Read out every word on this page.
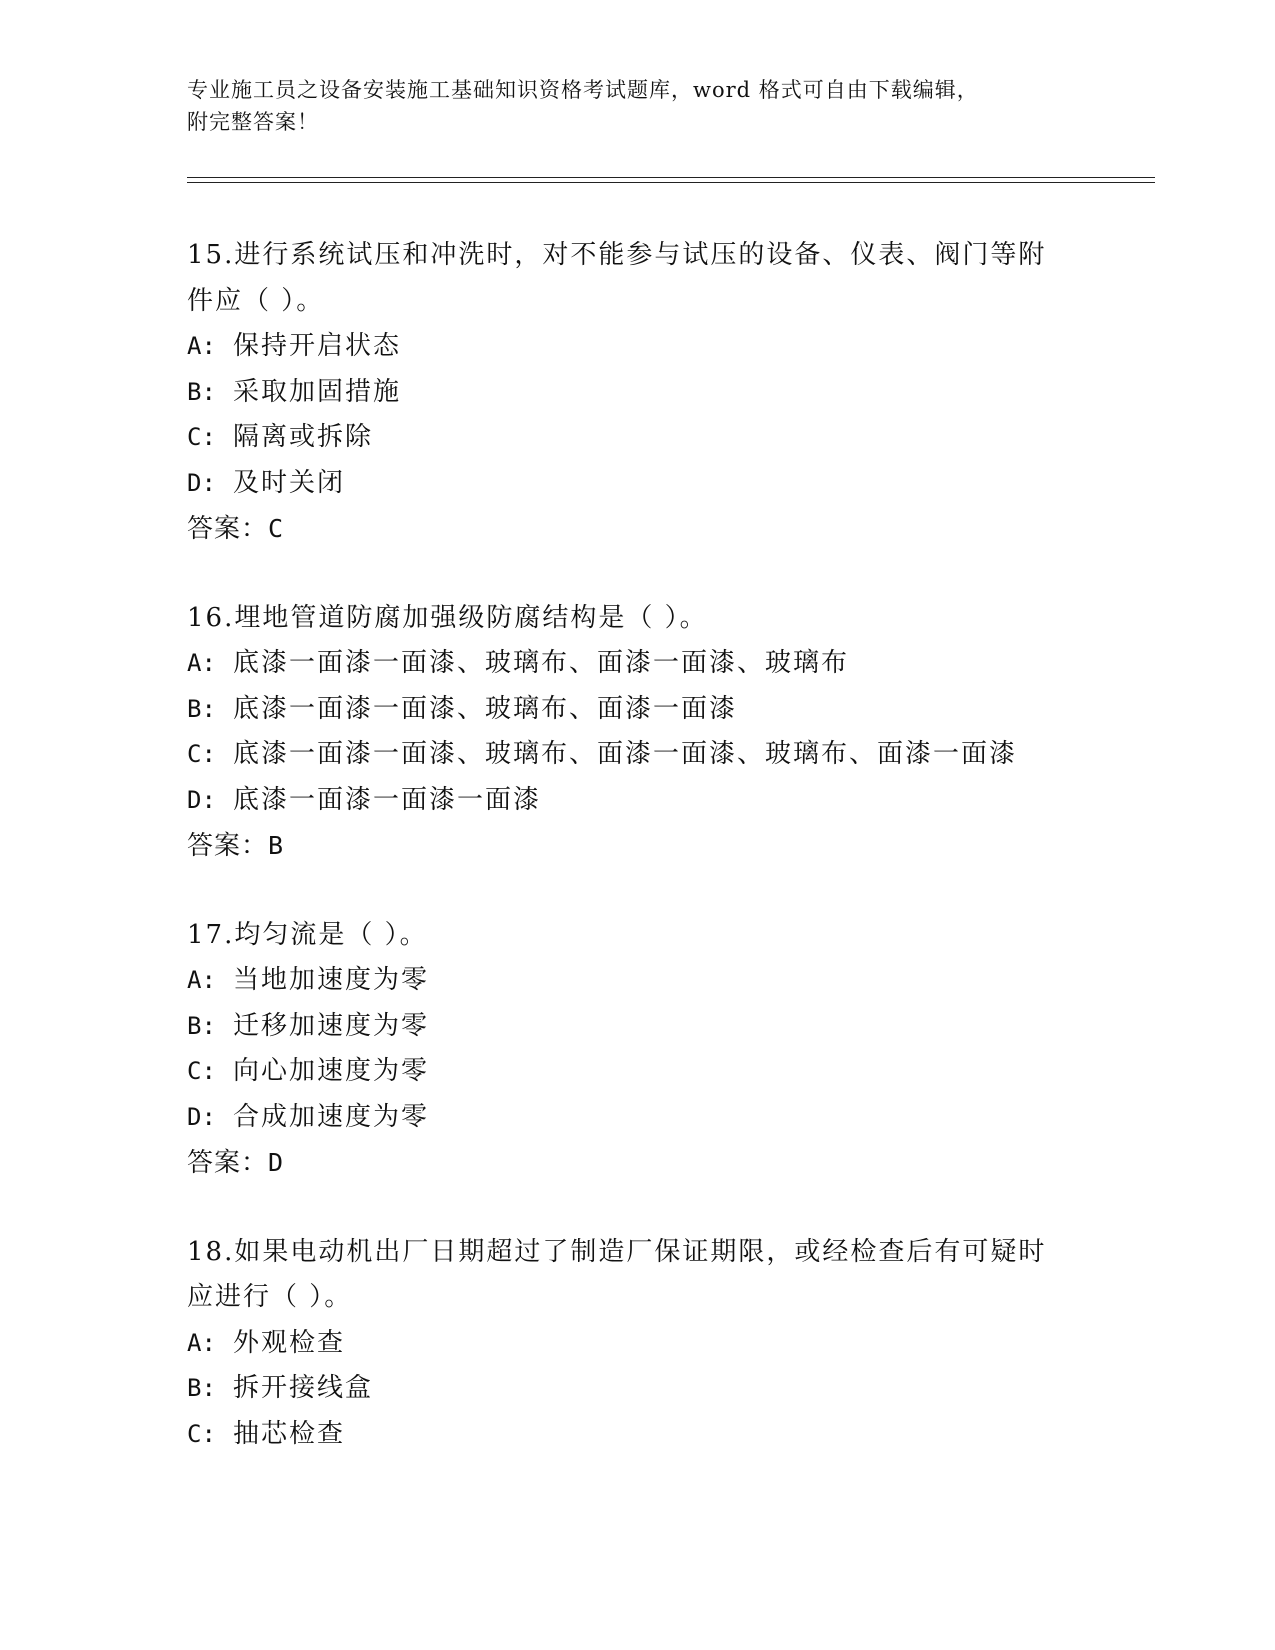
专业施工员之设备安装施工基础知识资格考试题库，word 格式可自由下载编辑，
附完整答案！
15.进行系统试压和冲洗时，对不能参与试压的设备、仪表、阀门等附
件应（ ）。
A: 保持开启状态
B: 采取加固措施
C: 隔离或拆除
D: 及时关闭
答案：C
16.埋地管道防腐加强级防腐结构是（ ）。
A: 底漆一面漆一面漆、玻璃布、面漆一面漆、玻璃布
B: 底漆一面漆一面漆、玻璃布、面漆一面漆
C: 底漆一面漆一面漆、玻璃布、面漆一面漆、玻璃布、面漆一面漆
D: 底漆一面漆一面漆一面漆
答案：B
17.均匀流是（ ）。
A: 当地加速度为零
B: 迁移加速度为零
C: 向心加速度为零
D: 合成加速度为零
答案：D
18.如果电动机出厂日期超过了制造厂保证期限，或经检查后有可疑时
应进行（ ）。
A: 外观检查
B: 拆开接线盒
C: 抽芯检查
